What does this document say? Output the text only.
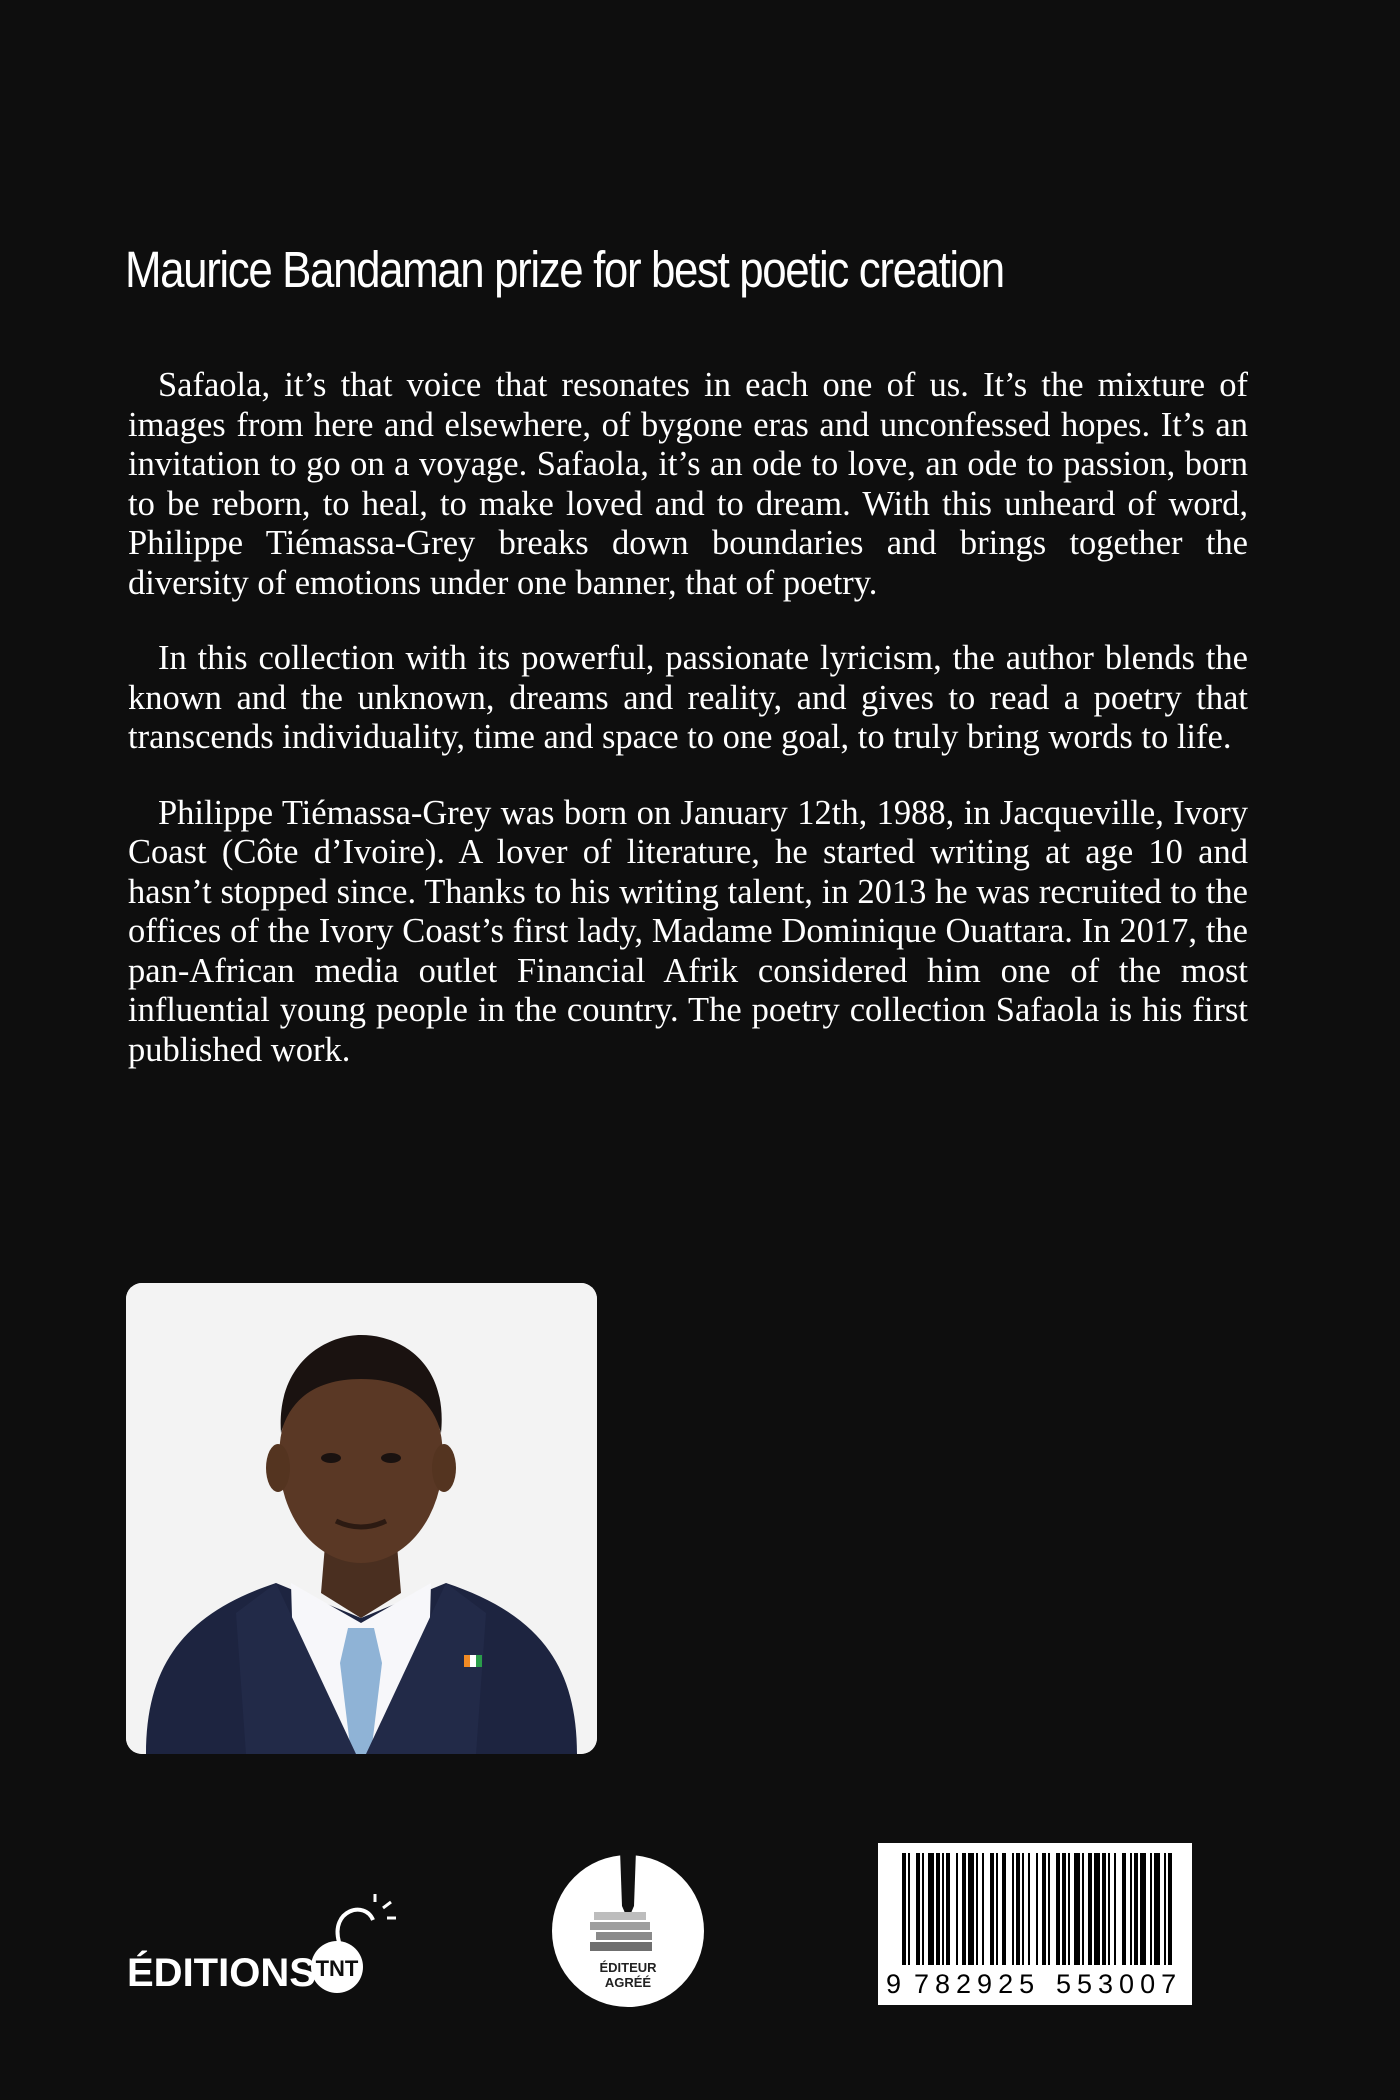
Maurice Bandaman prize for best poetic creation

Safaola, it’s that voice that resonates in each one of us. It’s the mixture of images from here and elsewhere, of bygone eras and unconfessed hopes. It’s an invitation to go on a voyage. Safaola, it’s an ode to love, an ode to passion, born to be reborn, to heal, to make loved and to dream. With this unheard of word, Philippe Tiémassa-Grey breaks down boundaries and brings together the diversity of emotions under one banner, that of poetry.

In this collection with its powerful, passionate lyricism, the author blends the known and the unknown, dreams and reality, and gives to read a poetry that transcends individuality, time and space to one goal, to truly bring words to life.

Philippe Tiémassa-Grey was born on January 12th, 1988, in Jacqueville, Ivory Coast (Côte d’Ivoire). A lover of literature, he started writing at age 10 and hasn’t stopped since. Thanks to his writing talent, in 2013 he was recruited to the offices of the Ivory Coast’s first lady, Madame Dominique Ouattara. In 2017, the pan-African media outlet Financial Afrik considered him one of the most influential young people in the country. The poetry collection Safaola is his first published work.

TNT
ÉDITIONS	ÉDITEUR
AGRÉÉ	9 782925 553007
